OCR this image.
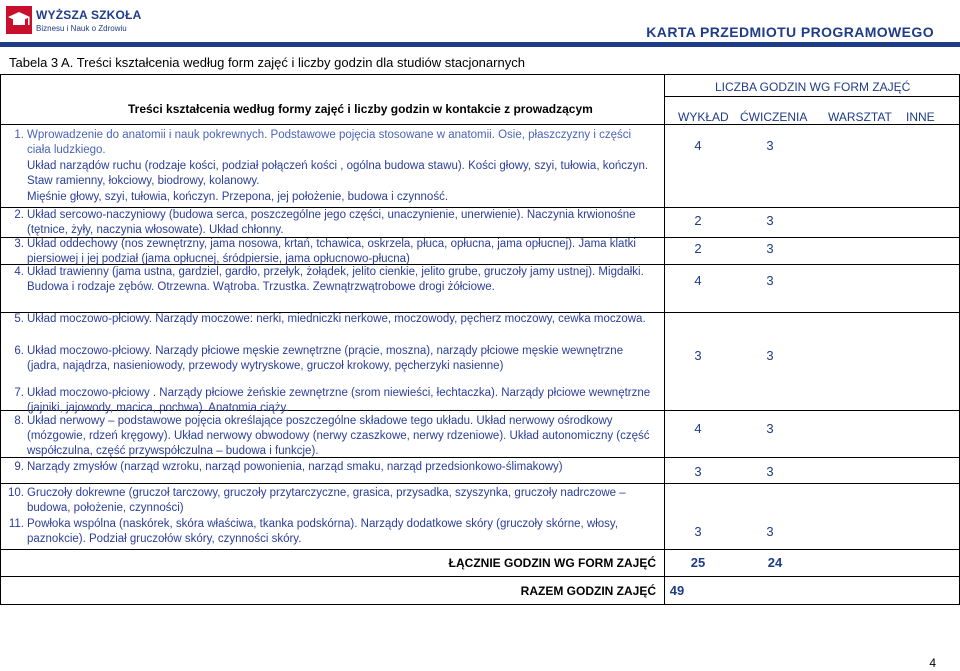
WYŻSZA SZKOŁA
Biznesu i Nauk o Zdrowiu	KARTA PRZEDMIOTU PROGRAMOWEGO
Tabela 3 A. Treści kształcenia według form zajęć i liczby godzin dla studiów stacjonarnych
LICZBA GODZIN WG FORM ZAJĘĆ
Treści kształcenia według formy zajęć i liczby godzin w kontakcie z prowadzącym
WYKŁAD ĆWICZENIA WARSZTAT INNE
1. Wprowadzenie do anatomii i nauk pokrewnych. Podstawowe pojęcia stosowane w anatomii. Osie, płaszczyzny i części ciała ludzkiego.
Układ narządów ruchu (rodzaje kości, podział połączeń kości , ogólna budowa stawu). Kości głowy, szyi, tułowia, kończyn. Staw ramienny, łokciowy, biodrowy, kolanowy.
Mięśnie głowy, szyi, tułowia, kończyn. Przepona, jej położenie, budowa i czynność.
4	3
2. Układ sercowo-naczyniowy (budowa serca, poszczególne jego części, unaczynienie, unerwienie). Naczynia krwionośne (tętnice, żyły, naczynia włosowate). Układ chłonny.
2	3
3. Układ oddechowy (nos zewnętrzny, jama nosowa, krtań, tchawica, oskrzela, płuca, opłucna, jama opłucnej). Jama klatki piersiowej i jej podział (jama opłucnej, śródpiersie, jama opłucnowo-płucna)
2	3
4. Układ trawienny (jama ustna, gardziel, gardło, przełyk, żołądek, jelito cienkie, jelito grube, gruczoły jamy ustnej). Migdałki. Budowa i rodzaje zębów. Otrzewna. Wątroba. Trzustka. Zewnątrzwątrobowe drogi żółciowe.	4	3
5. Układ moczowo-płciowy. Narządy moczowe: nerki, miedniczki nerkowe, moczowody, pęcherz moczowy, cewka moczowa.
6. Układ moczowo-płciowy. Narządy płciowe męskie zewnętrzne (prącie, moszna), narządy płciowe męskie wewnętrzne (jadra, najądrza, nasieniowody, przewody wytryskowe, gruczoł krokowy, pęcherzyki nasienne)
7. Układ moczowo-płciowy . Narządy płciowe żeńskie zewnętrzne (srom niewieści, łechtaczka). Narządy płciowe wewnętrzne (jajniki, jajowody, macica, pochwa). Anatomia ciąży.
3	3
8. Układ nerwowy – podstawowe pojęcia określające poszczególne składowe tego układu. Układ nerwowy ośrodkowy (mózgowie, rdzeń kręgowy). Układ nerwowy obwodowy (nerwy czaszkowe, nerwy rdzeniowe). Układ autonomiczny (część współczulna, część przywspółczulna – budowa i funkcje).
4	3
9. Narządy zmysłów (narząd wzroku, narząd powonienia, narząd smaku, narząd przedsionkowo-ślimakowy)	3	3
10. Gruczoły dokrewne (gruczoł tarczowy, gruczoły przytarczyczne, grasica, przysadka, szyszynka, gruczoły nadrczowe – budowa, położenie, czynności)
11. Powłoka wspólna (naskórek, skóra właściwa, tkanka podskórna). Narządy dodatkowe skóry (gruczoły skórne, włosy, paznokcie). Podział gruczołów skóry, czynności skóry.	3	3
ŁĄCZNIE GODZIN WG FORM ZAJĘĆ	25	24
RAZEM GODZIN ZAJĘĆ	49
4
